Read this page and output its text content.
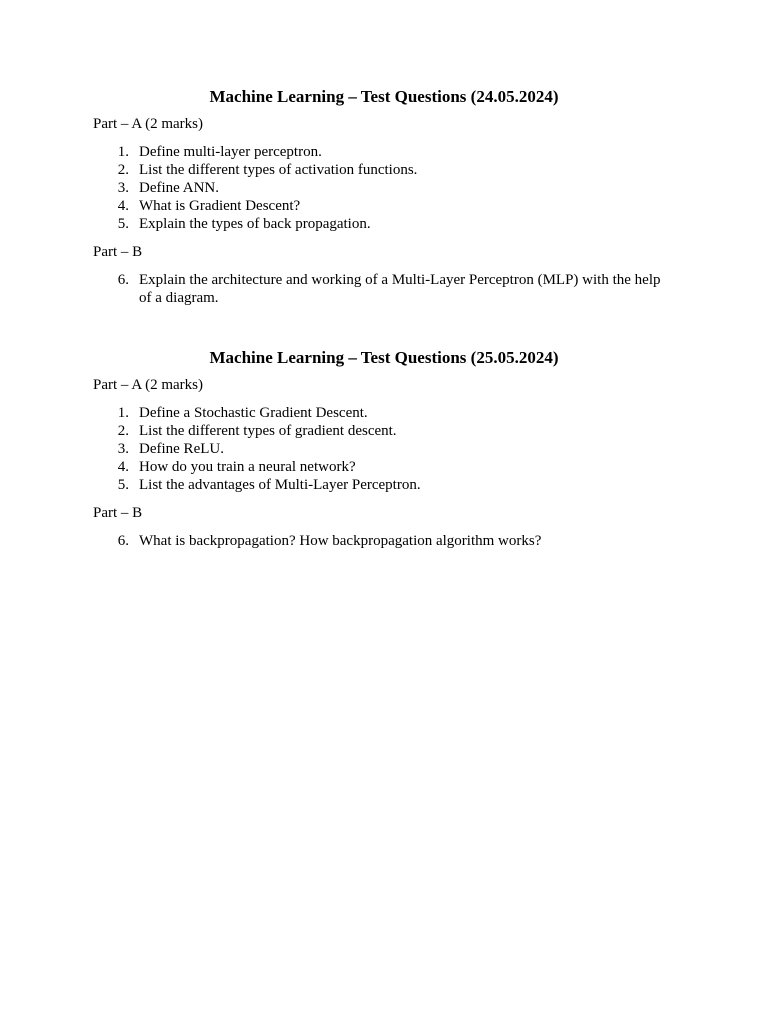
Machine Learning – Test Questions (24.05.2024)
Part – A (2 marks)
1. Define multi-layer perceptron.
2. List the different types of activation functions.
3. Define ANN.
4. What is Gradient Descent?
5. Explain the types of back propagation.
Part – B
6. Explain the architecture and working of a Multi-Layer Perceptron (MLP) with the help of a diagram.
Machine Learning – Test Questions (25.05.2024)
Part – A (2 marks)
1. Define a Stochastic Gradient Descent.
2. List the different types of gradient descent.
3. Define ReLU.
4. How do you train a neural network?
5. List the advantages of Multi-Layer Perceptron.
Part – B
6. What is backpropagation? How backpropagation algorithm works?
